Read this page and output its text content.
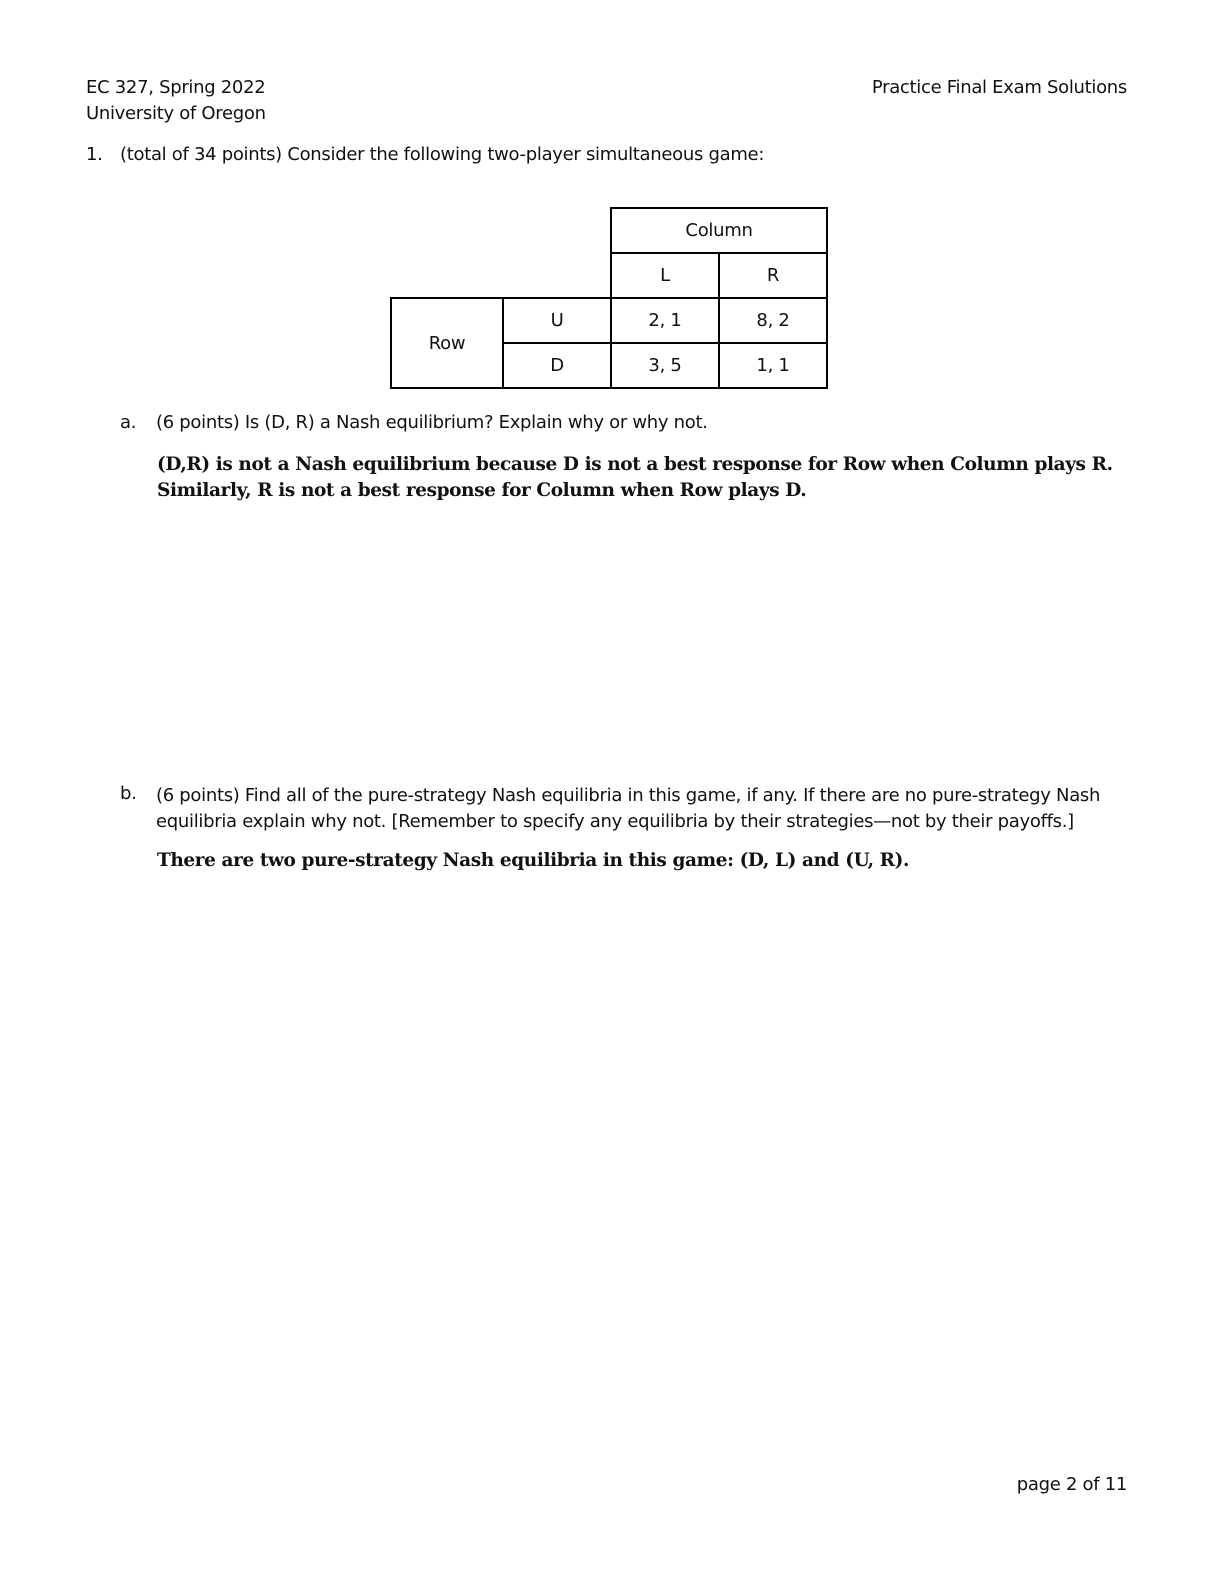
EC 327, Spring 2022
University of Oregon
Practice Final Exam Solutions
1. (total of 34 points) Consider the following two-player simultaneous game:
		Column	
		L	R
Row	U	2, 1	8, 2
	D	3, 5	1, 1
a. (6 points) Is (D, R) a Nash equilibrium? Explain why or why not.
(D,R) is not a Nash equilibrium because D is not a best response for Row when Column plays R.
Similarly, R is not a best response for Column when Row plays D.
b. (6 points) Find all of the pure-strategy Nash equilibria in this game, if any. If there are no pure-strategy Nash equilibria explain why not. [Remember to specify any equilibria by their strategies—not by their payoffs.]
There are two pure-strategy Nash equilibria in this game: (D, L) and (U, R).
page 2 of 11
